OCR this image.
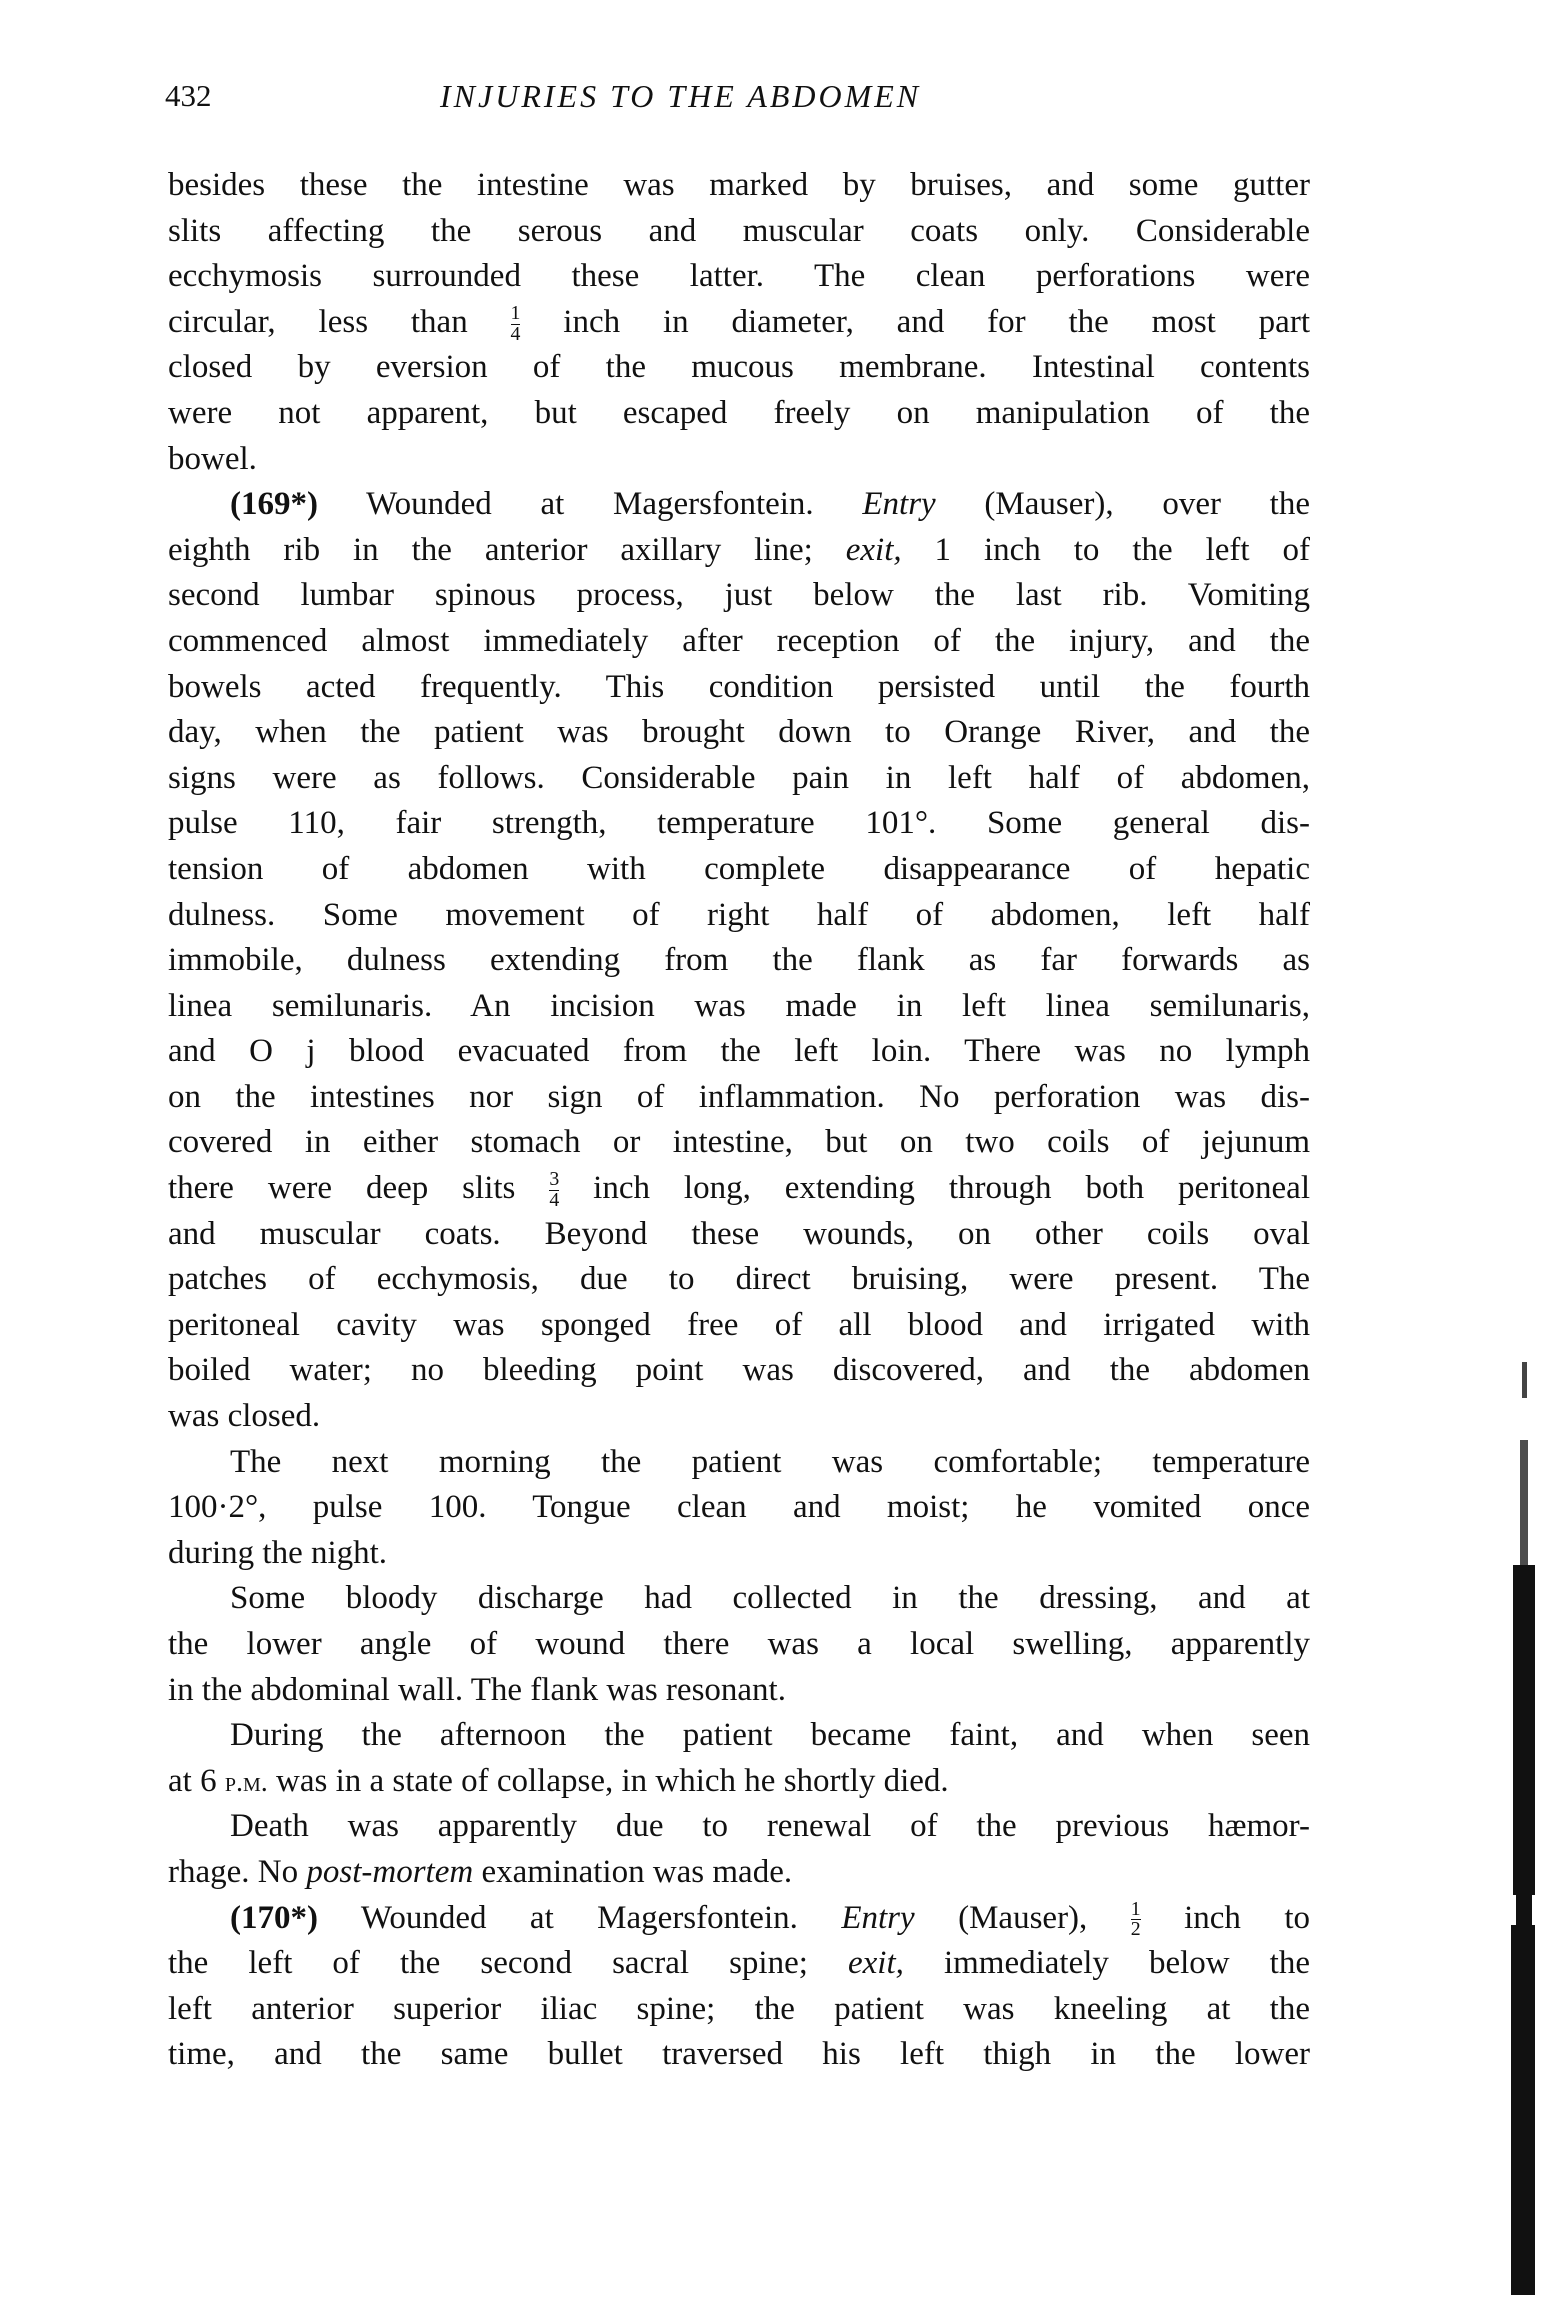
432	INJURIES TO THE ABDOMEN
besides these the intestine was marked by bruises, and some gutter
slits affecting the serous and muscular coats only. Considerable
ecchymosis surrounded these latter. The clean perforations were
circular, less than $\frac{1}{4}$ inch in diameter, and for the most part
closed by eversion of the mucous membrane. Intestinal contents
were not apparent, but escaped freely on manipulation of the
bowel.
(169*) Wounded at Magersfontein. Entry (Mauser), over the
eighth rib in the anterior axillary line; exit, 1 inch to the left of
second lumbar spinous process, just below the last rib. Vomiting
commenced almost immediately after reception of the injury, and the
bowels acted frequently. This condition persisted until the fourth
day, when the patient was brought down to Orange River, and the
signs were as follows. Considerable pain in left half of abdomen,
pulse 110, fair strength, temperature 101°. Some general dis-
tension of abdomen with complete disappearance of hepatic
dulness. Some movement of right half of abdomen, left half
immobile, dulness extending from the flank as far forwards as
linea semilunaris. An incision was made in left linea semilunaris,
and O j blood evacuated from the left loin. There was no lymph
on the intestines nor sign of inflammation. No perforation was dis-
covered in either stomach or intestine, but on two coils of jejunum
there were deep slits $\frac{3}{4}$ inch long, extending through both peritoneal
and muscular coats. Beyond these wounds, on other coils oval
patches of ecchymosis, due to direct bruising, were present. The
peritoneal cavity was sponged free of all blood and irrigated with
boiled water; no bleeding point was discovered, and the abdomen
was closed.
The next morning the patient was comfortable; temperature
100·2°, pulse 100. Tongue clean and moist; he vomited once
during the night.
Some bloody discharge had collected in the dressing, and at
the lower angle of wound there was a local swelling, apparently
in the abdominal wall. The flank was resonant.
During the afternoon the patient became faint, and when seen
at 6 p.m. was in a state of collapse, in which he shortly died.
Death was apparently due to renewal of the previous hæmor-
rhage. No post-mortem examination was made.
(170*) Wounded at Magersfontein. Entry (Mauser), $\frac{1}{2}$ inch to
the left of the second sacral spine; exit, immediately below the
left anterior superior iliac spine; the patient was kneeling at the
time, and the same bullet traversed his left thigh in the lower
